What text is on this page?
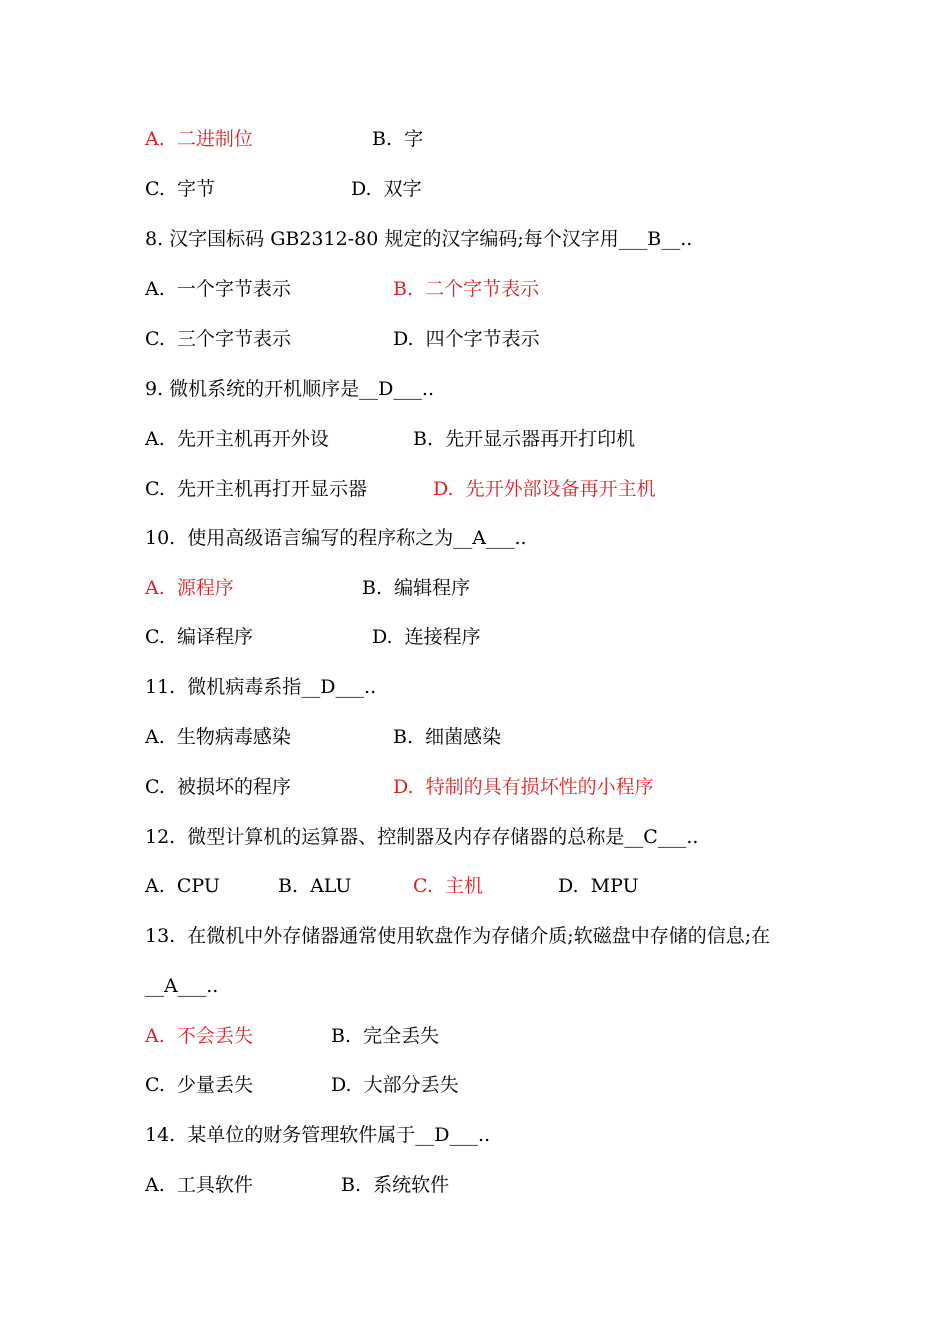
A.  二进制位	B.  字
C.  字节	D.  双字
8. 汉字国标码 GB2312-80 规定的汉字编码;每个汉字用___B__..
A.  一个字节表示	B.  二个字节表示
C.  三个字节表示	D.  四个字节表示
9. 微机系统的开机顺序是__D___..
A.  先开主机再开外设	B.  先开显示器再开打印机
C.  先开主机再打开显示器	D.  先开外部设备再开主机
10.  使用高级语言编写的程序称之为__A___..
A.  源程序	B.  编辑程序
C.  编译程序	D.  连接程序
11.  微机病毒系指__D___..
A.  生物病毒感染	B.  细菌感染
C.  被损坏的程序	D.  特制的具有损坏性的小程序
12.  微型计算机的运算器、控制器及内存存储器的总称是__C___..
A.  CPU	B.  ALU	C.  主机	D.  MPU
13.  在微机中外存储器通常使用软盘作为存储介质;软磁盘中存储的信息;在
__A___..
A.  不会丢失	B.  完全丢失
C.  少量丢失	D.  大部分丢失
14.  某单位的财务管理软件属于__D___..
A.  工具软件	B.  系统软件
